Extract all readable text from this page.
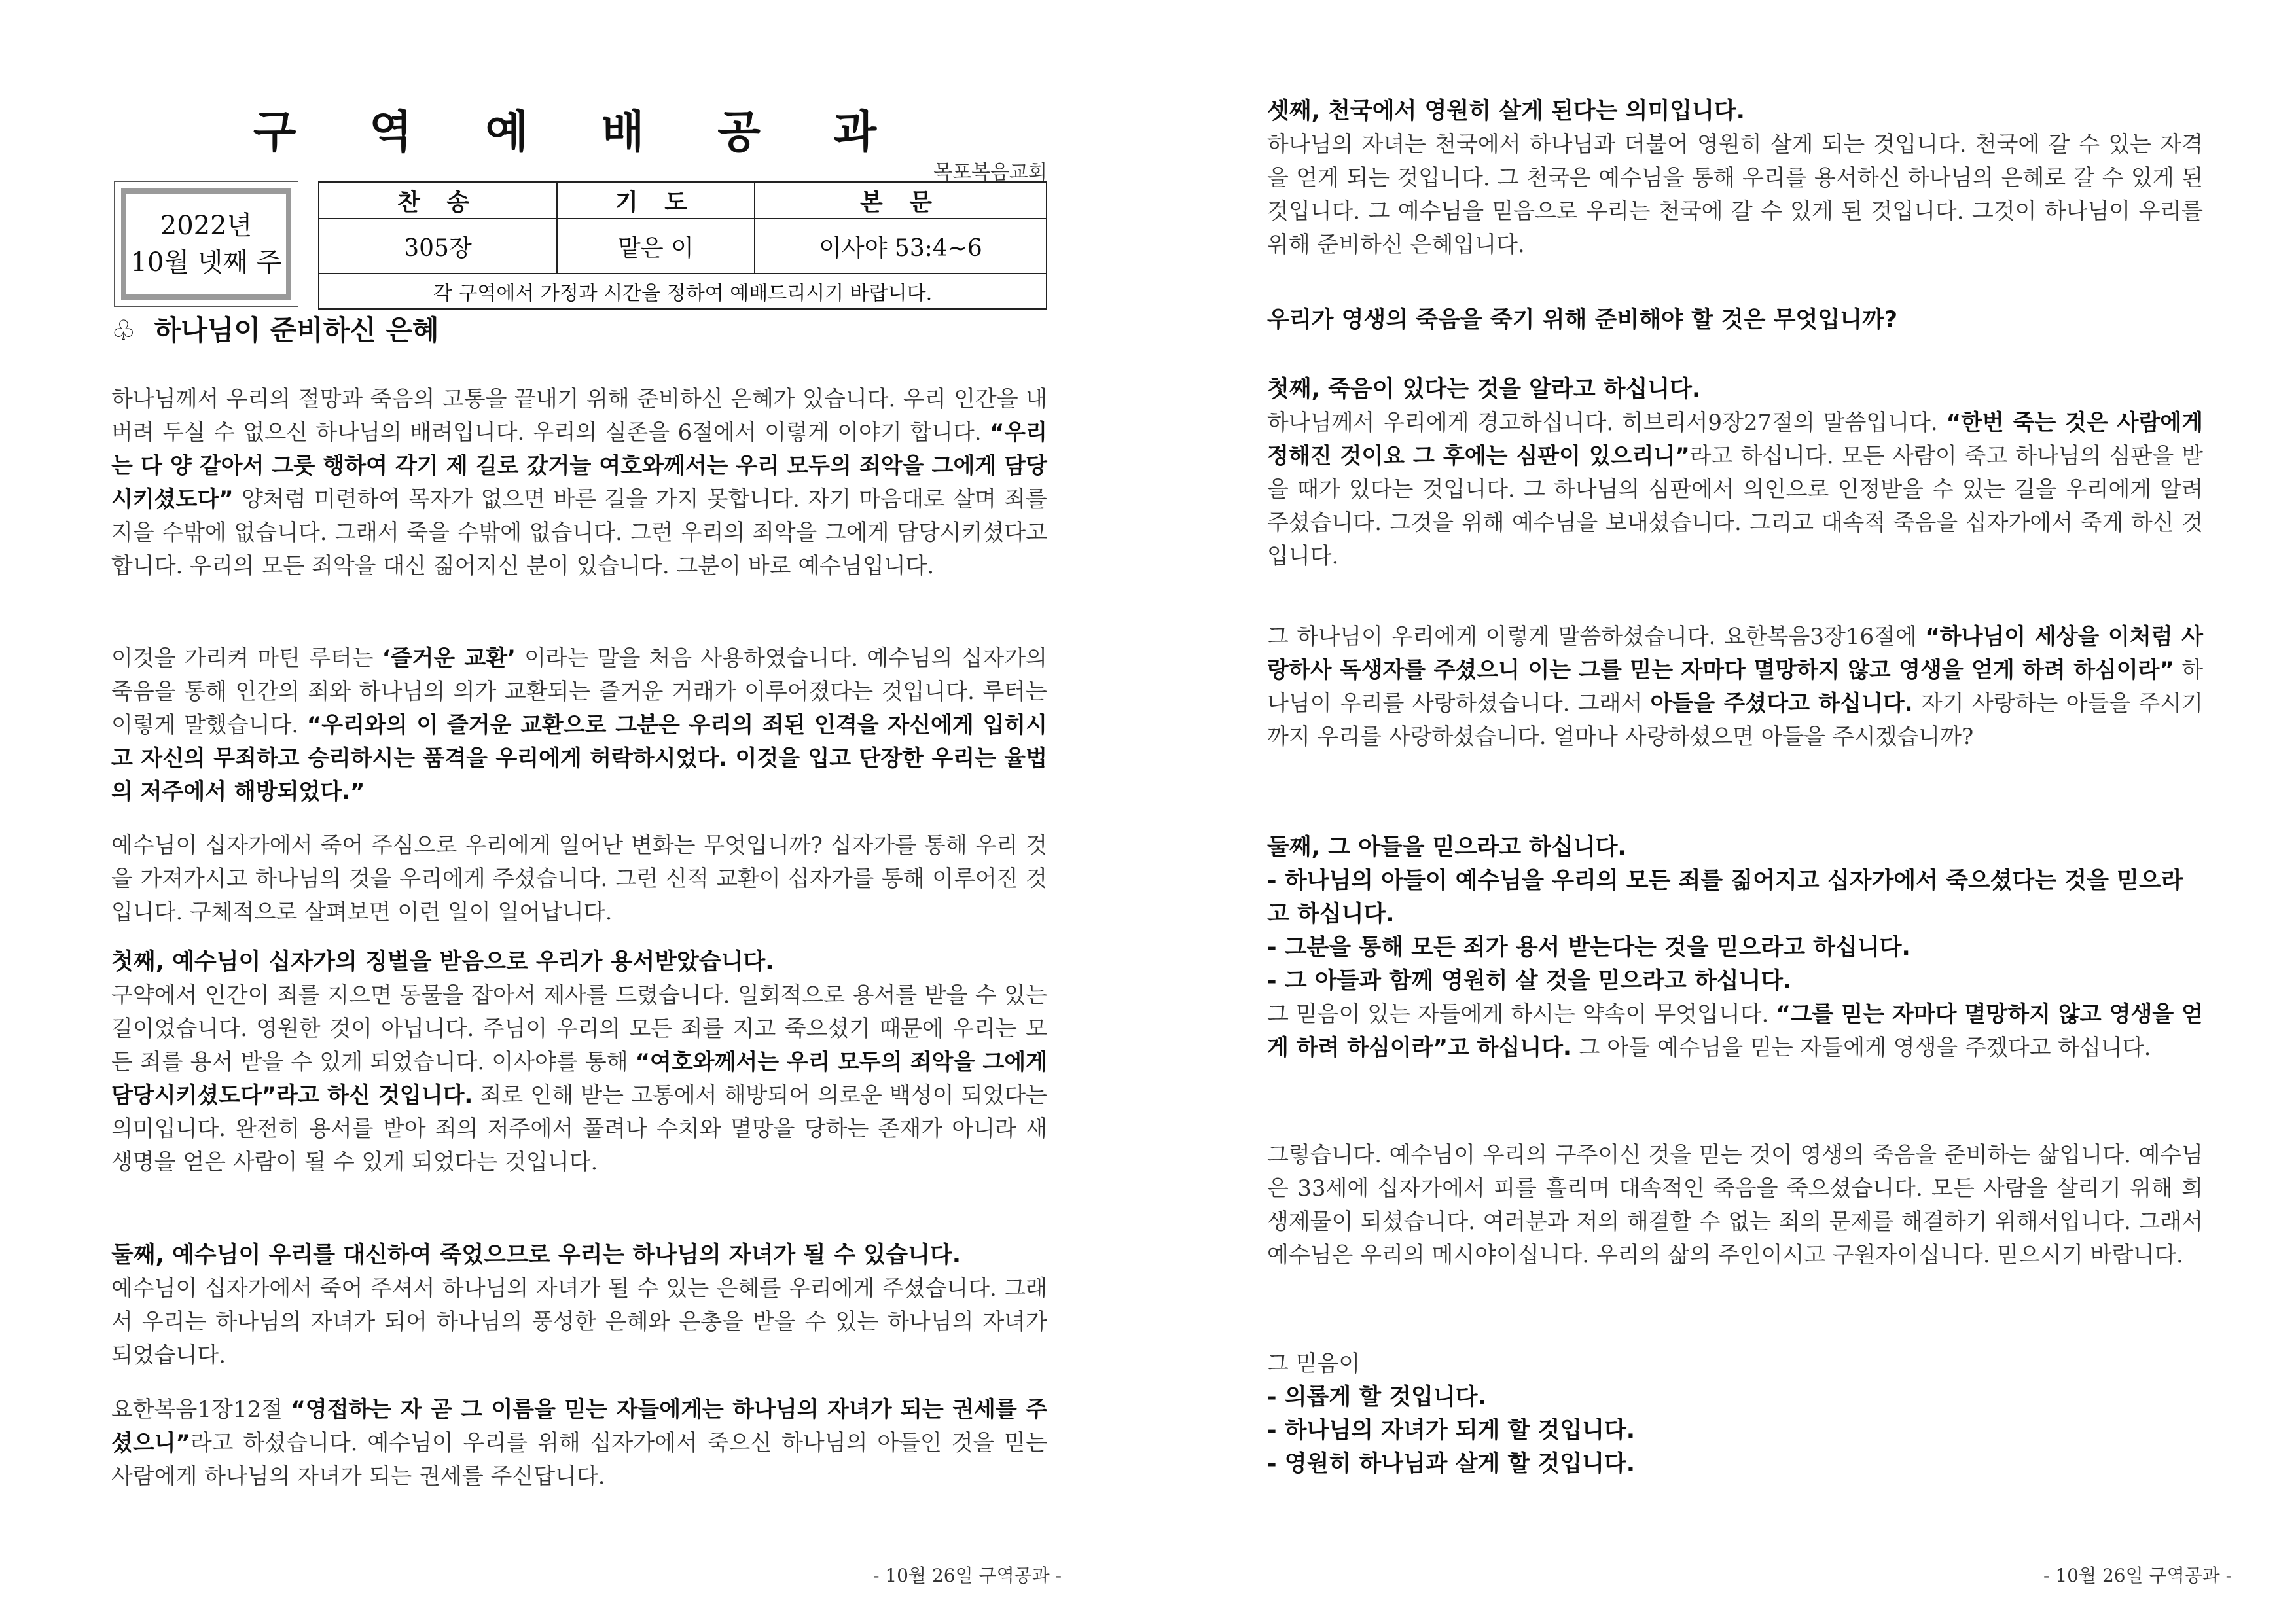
구 역 예 배 공 과
목포복음교회
2022년
10월 넷째 주
찬 송	기 도	본 문
305장	맡은 이	이사야 53:4~6
각 구역에서 가정과 시간을 정하여 예배드리시기 바랍니다.		
♧ 하나님이 준비하신 은혜

하나님께서 우리의 절망과 죽음의 고통을 끝내기 위해 준비하신 은혜가 있습니다. 우리 인간을 내버려 두실 수 없으신 하나님의 배려입니다. 우리의 실존을 6절에서 이렇게 이야기 합니다. “우리는 다 양 같아서 그릇 행하여 각기 제 길로 갔거늘 여호와께서는 우리 모두의 죄악을 그에게 담당시키셨도다” 양처럼 미련하여 목자가 없으면 바른 길을 가지 못합니다. 자기 마음대로 살며 죄를 지을 수밖에 없습니다. 그래서 죽을 수밖에 없습니다. 그런 우리의 죄악을 그에게 담당시키셨다고 합니다. 우리의 모든 죄악을 대신 짊어지신 분이 있습니다. 그분이 바로 예수님입니다.

이것을 가리켜 마틴 루터는 ‘즐거운 교환’ 이라는 말을 처음 사용하였습니다. 예수님의 십자가의 죽음을 통해 인간의 죄와 하나님의 의가 교환되는 즐거운 거래가 이루어졌다는 것입니다. 루터는 이렇게 말했습니다. “우리와의 이 즐거운 교환으로 그분은 우리의 죄된 인격을 자신에게 입히시고 자신의 무죄하고 승리하시는 품격을 우리에게 허락하시었다. 이것을 입고 단장한 우리는 율법의 저주에서 해방되었다.”

예수님이 십자가에서 죽어 주심으로 우리에게 일어난 변화는 무엇입니까? 십자가를 통해 우리 것을 가져가시고 하나님의 것을 우리에게 주셨습니다. 그런 신적 교환이 십자가를 통해 이루어진 것입니다. 구체적으로 살펴보면 이런 일이 일어납니다.

첫째, 예수님이 십자가의 징벌을 받음으로 우리가 용서받았습니다.

구약에서 인간이 죄를 지으면 동물을 잡아서 제사를 드렸습니다. 일회적으로 용서를 받을 수 있는 길이었습니다. 영원한 것이 아닙니다. 주님이 우리의 모든 죄를 지고 죽으셨기 때문에 우리는 모든 죄를 용서 받을 수 있게 되었습니다. 이사야를 통해 “여호와께서는 우리 모두의 죄악을 그에게 담당시키셨도다”라고 하신 것입니다. 죄로 인해 받는 고통에서 해방되어 의로운 백성이 되었다는 의미입니다. 완전히 용서를 받아 죄의 저주에서 풀려나 수치와 멸망을 당하는 존재가 아니라 새 생명을 얻은 사람이 될 수 있게 되었다는 것입니다.

둘째, 예수님이 우리를 대신하여 죽었으므로 우리는 하나님의 자녀가 될 수 있습니다.

예수님이 십자가에서 죽어 주셔서 하나님의 자녀가 될 수 있는 은혜를 우리에게 주셨습니다. 그래서 우리는 하나님의 자녀가 되어 하나님의 풍성한 은혜와 은총을 받을 수 있는 하나님의 자녀가 되었습니다.

요한복음1장12절 “영접하는 자 곧 그 이름을 믿는 자들에게는 하나님의 자녀가 되는 권세를 주셨으니”라고 하셨습니다. 예수님이 우리를 위해 십자가에서 죽으신 하나님의 아들인 것을 믿는 사람에게 하나님의 자녀가 되는 권세를 주신답니다.

- 10월 26일 구역공과 -

셋째, 천국에서 영원히 살게 된다는 의미입니다.

하나님의 자녀는 천국에서 하나님과 더불어 영원히 살게 되는 것입니다. 천국에 갈 수 있는 자격을 얻게 되는 것입니다. 그 천국은 예수님을 통해 우리를 용서하신 하나님의 은혜로 갈 수 있게 된 것입니다. 그 예수님을 믿음으로 우리는 천국에 갈 수 있게 된 것입니다. 그것이 하나님이 우리를 위해 준비하신 은혜입니다.

우리가 영생의 죽음을 죽기 위해 준비해야 할 것은 무엇입니까?

첫째, 죽음이 있다는 것을 알라고 하십니다.

하나님께서 우리에게 경고하십니다. 히브리서9장27절의 말씀입니다. “한번 죽는 것은 사람에게 정해진 것이요 그 후에는 심판이 있으리니”라고 하십니다. 모든 사람이 죽고 하나님의 심판을 받을 때가 있다는 것입니다. 그 하나님의 심판에서 의인으로 인정받을 수 있는 길을 우리에게 알려 주셨습니다. 그것을 위해 예수님을 보내셨습니다. 그리고 대속적 죽음을 십자가에서 죽게 하신 것입니다.

그 하나님이 우리에게 이렇게 말씀하셨습니다. 요한복음3장16절에 “하나님이 세상을 이처럼 사랑하사 독생자를 주셨으니 이는 그를 믿는 자마다 멸망하지 않고 영생을 얻게 하려 하심이라” 하나님이 우리를 사랑하셨습니다. 그래서 아들을 주셨다고 하십니다. 자기 사랑하는 아들을 주시기까지 우리를 사랑하셨습니다. 얼마나 사랑하셨으면 아들을 주시겠습니까?

둘째, 그 아들을 믿으라고 하십니다.

- 하나님의 아들이 예수님을 우리의 모든 죄를 짊어지고 십자가에서 죽으셨다는 것을 믿으라고 하십니다.

- 그분을 통해 모든 죄가 용서 받는다는 것을 믿으라고 하십니다.

- 그 아들과 함께 영원히 살 것을 믿으라고 하십니다.

그 믿음이 있는 자들에게 하시는 약속이 무엇입니다. “그를 믿는 자마다 멸망하지 않고 영생을 얻게 하려 하심이라”고 하십니다. 그 아들 예수님을 믿는 자들에게 영생을 주겠다고 하십니다.

그렇습니다. 예수님이 우리의 구주이신 것을 믿는 것이 영생의 죽음을 준비하는 삶입니다. 예수님은 33세에 십자가에서 피를 흘리며 대속적인 죽음을 죽으셨습니다. 모든 사람을 살리기 위해 희생제물이 되셨습니다. 여러분과 저의 해결할 수 없는 죄의 문제를 해결하기 위해서입니다. 그래서 예수님은 우리의 메시야이십니다. 우리의 삶의 주인이시고 구원자이십니다. 믿으시기 바랍니다.

그 믿음이

- 의롭게 할 것입니다.

- 하나님의 자녀가 되게 할 것입니다.

- 영원히 하나님과 살게 할 것입니다.

- 10월 26일 구역공과 -
